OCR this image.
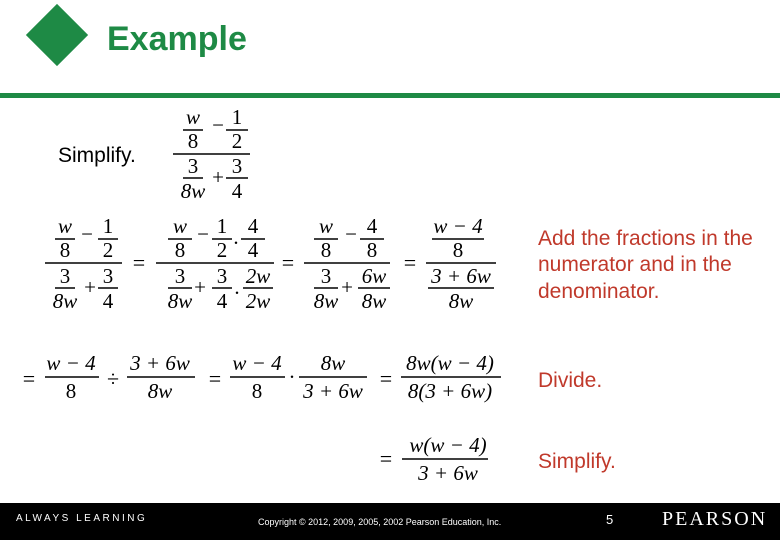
Example
Simplify.
w − 1
8 2
3 + 3
8w 4
w − 1
8 2
3 + 3
8w 4
=
w − 1
·
4
8 2 4
3 + 3
·
2w
8w 4 2w
=
w − 4
8 8
3 + 6w
8w 8w
=
w − 4
8
3 + 6w
8w
Add the fractions in the numerator and in the denominator.
=
w − 4
8 ÷
3 + 6w
8w =
w − 4
8
·
8w
3 + 6w =
8w(w − 4)
8(3 + 6w) Divide.
=
w(w − 4)
3 + 6w	Simplify.
ALWAYS LEARNING	Copyright © 2012, 2009, 2005, 2002 Pearson Education, Inc.	5 PEARSON
